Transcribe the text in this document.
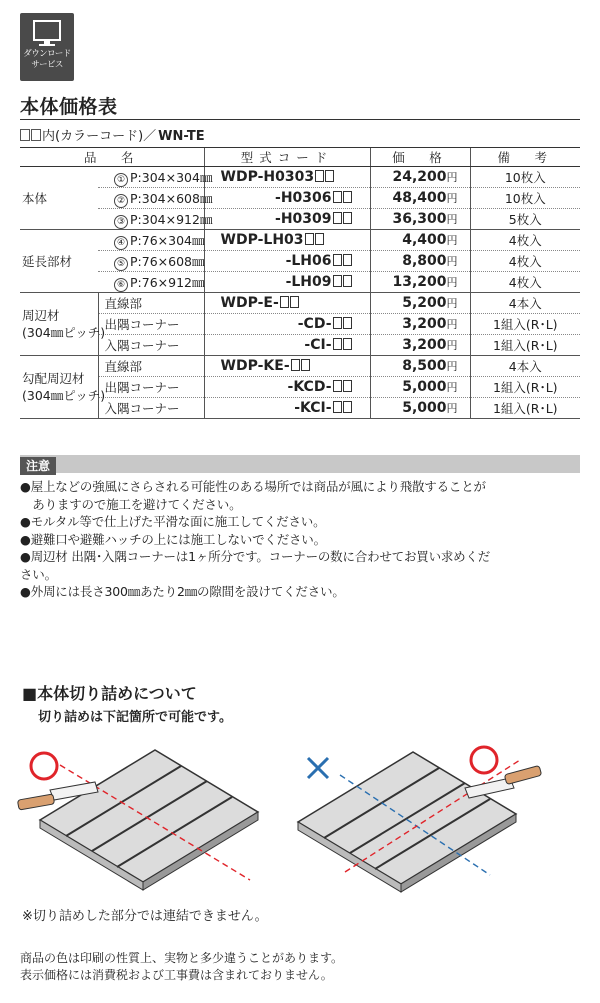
ダウンロード
サービス
本体価格表
内(カラーコード)／ WN-TE
品　名		型式コード	価　格	備　考

本体	① P:304×304㎜	WDP-H0303	24,200円	10枚入
	② P:304×608㎜	-H0306	48,400円	10枚入
	③ P:304×912㎜	-H0309	36,300円	5枚入

延長部材	④ P:76×304㎜	WDP-LH03	4,400円	4枚入
	⑤ P:76×608㎜	-LH06	8,800円	4枚入
	⑥ P:76×912㎜	-LH09	13,200円	4枚入

周辺材
(304㎜ピッチ)	直線部	WDP-E-	5,200円	4本入
	出隅コーナー	-CD-	3,200円	1組入(R･L)
	入隅コーナー	-CI-	3,200円	1組入(R･L)

勾配周辺材
(304㎜ピッチ)	直線部	WDP-KE-	8,500円	4本入
	出隅コーナー	-KCD-	5,000円	1組入(R･L)
	入隅コーナー	-KCI-	5,000円	1組入(R･L)
注意

●屋上などの強風にさらされる可能性のある場所では商品が風により飛散することが

　ありますので施工を避けてください。

●モルタル等で仕上げた平滑な面に施工してください。

●避難口や避難ハッチの上には施工しないでください。

●周辺材 出隅･入隅コーナーは1ヶ所分です。コーナーの数に合わせてお買い求めくだ

さい。

●外周には長さ300㎜あたり2㎜の隙間を設けてください。

■本体切り詰めについて
切り詰めは下記箇所で可能です。
※切り詰めした部分では連結できません。

商品の色は印刷の性質上、実物と多少違うことがあります。

表示価格には消費税および工事費は含まれておりません。
